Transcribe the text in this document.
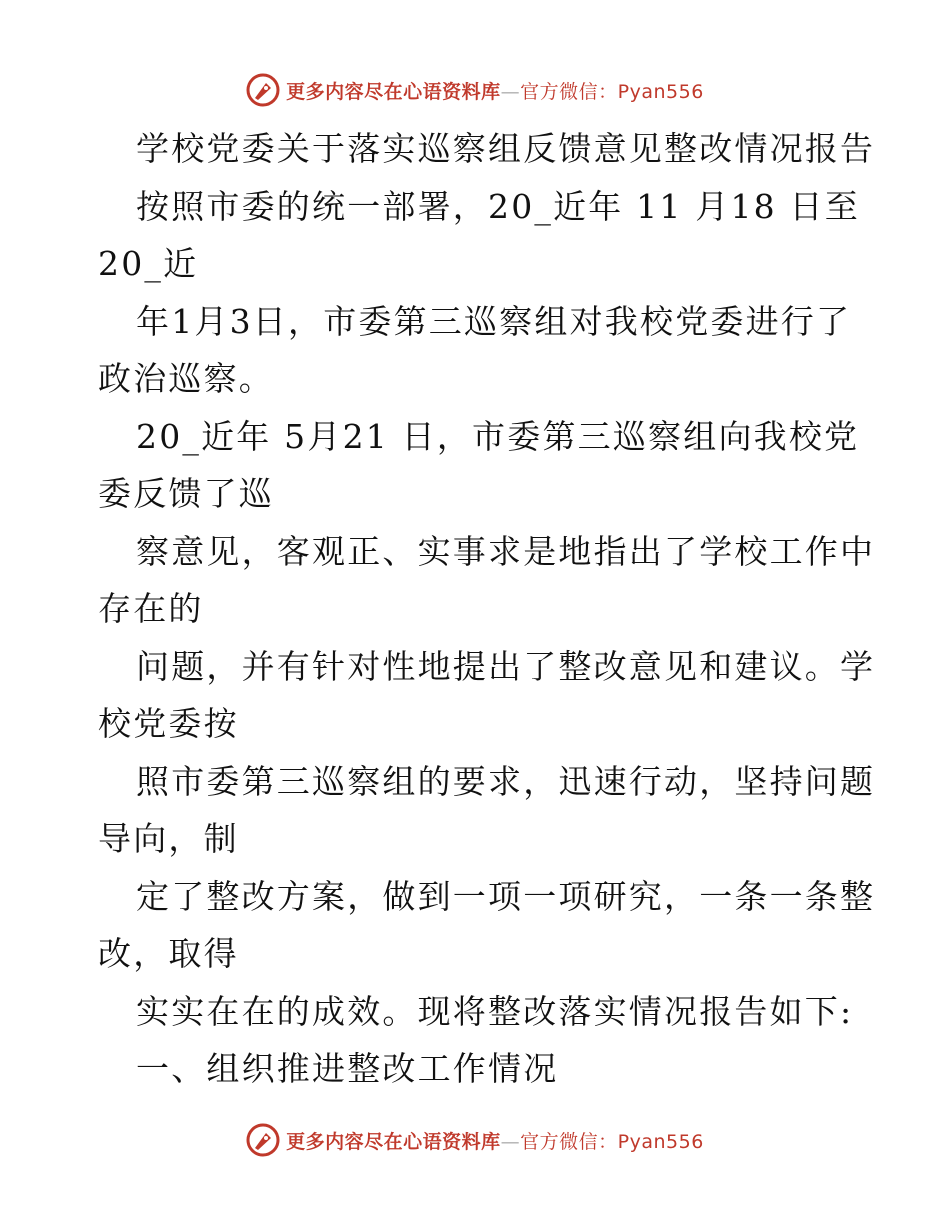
更多内容尽在心语资料库—官方微信：Pyan556
学校党委关于落实巡察组反馈意见整改情况报告
按照市委的统一部署，20_近年 11 月18 日至
20_近
年1月3日，市委第三巡察组对我校党委进行了
政治巡察。
20_近年 5月21 日，市委第三巡察组向我校党
委反馈了巡
察意见，客观正、实事求是地指出了学校工作中
存在的
问题，并有针对性地提出了整改意见和建议。学
校党委按
照市委第三巡察组的要求，迅速行动，坚持问题
导向，制
定了整改方案，做到一项一项研究，一条一条整
改，取得
实实在在的成效。现将整改落实情况报告如下:
一、组织推进整改工作情况
更多内容尽在心语资料库—官方微信：Pyan556
